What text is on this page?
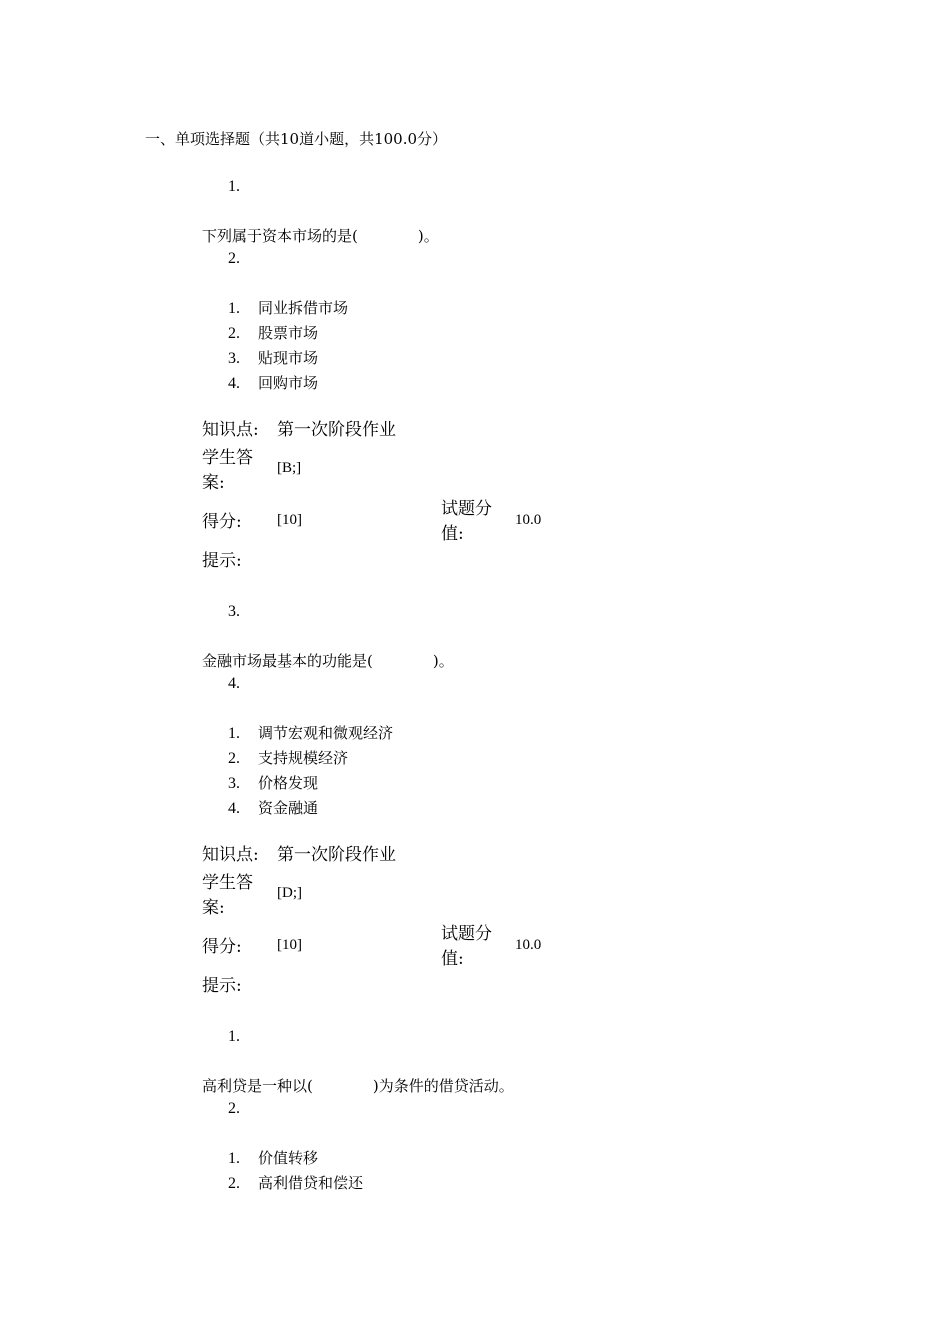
一、单项选择题（共10道小题，共100.0分）
1.
下列属于资本市场的是(　　　　)。
2.
1. 同业拆借市场
2. 股票市场
3. 贴现市场
4. 回购市场
知识点: 第一次阶段作业
学生答
案:
[B;]
得分: [10]
试题分
值:
10.0
提示:
3.
金融市场最基本的功能是(　　　　)。
4.
1. 调节宏观和微观经济
2. 支持规模经济
3. 价格发现
4. 资金融通
知识点: 第一次阶段作业
学生答
案:
[D;]
得分: [10]
试题分
值:
10.0
提示:
1.
高利贷是一种以(　　　　)为条件的借贷活动。
2.
1. 价值转移
2. 高利借贷和偿还
